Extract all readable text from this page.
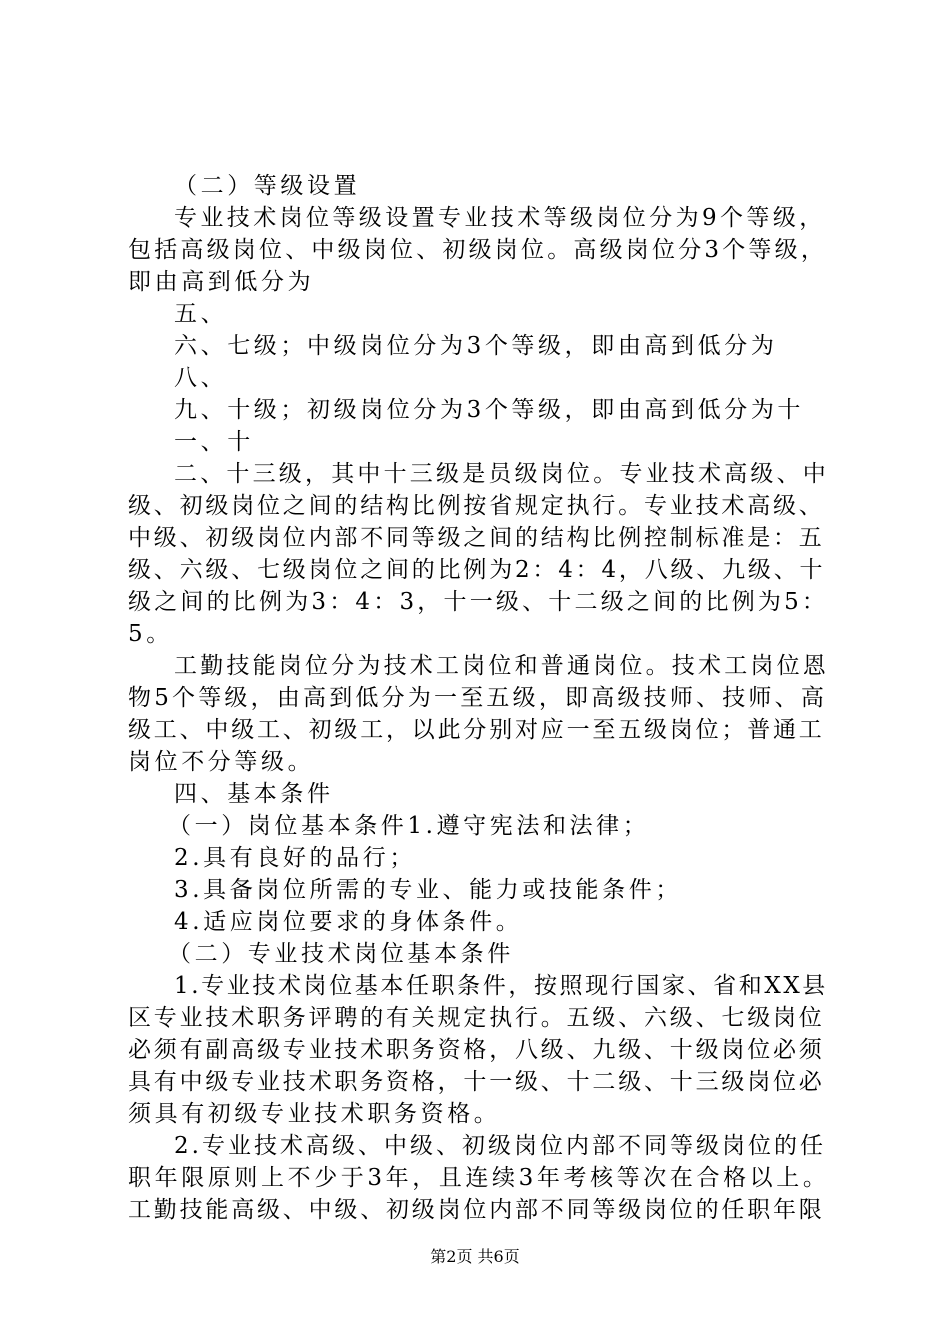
（二）等级设置
专业技术岗位等级设置专业技术等级岗位分为9个等级，
包括高级岗位、中级岗位、初级岗位。高级岗位分3个等级，
即由高到低分为
五、
六、七级；中级岗位分为3个等级，即由高到低分为
八、
九、十级；初级岗位分为3个等级，即由高到低分为十
一、十
二、十三级，其中十三级是员级岗位。专业技术高级、中
级、初级岗位之间的结构比例按省规定执行。专业技术高级、
中级、初级岗位内部不同等级之间的结构比例控制标准是：五
级、六级、七级岗位之间的比例为2：4：4，八级、九级、十
级之间的比例为3：4：3，十一级、十二级之间的比例为5：
5。
工勤技能岗位分为技术工岗位和普通岗位。技术工岗位恩
物5个等级，由高到低分为一至五级，即高级技师、技师、高
级工、中级工、初级工，以此分别对应一至五级岗位；普通工
岗位不分等级。
四、基本条件
（一）岗位基本条件1.遵守宪法和法律；
2.具有良好的品行；
3.具备岗位所需的专业、能力或技能条件；
4.适应岗位要求的身体条件。
（二）专业技术岗位基本条件
1.专业技术岗位基本任职条件，按照现行国家、省和XX县
区专业技术职务评聘的有关规定执行。五级、六级、七级岗位
必须有副高级专业技术职务资格，八级、九级、十级岗位必须
具有中级专业技术职务资格，十一级、十二级、十三级岗位必
须具有初级专业技术职务资格。
2.专业技术高级、中级、初级岗位内部不同等级岗位的任
职年限原则上不少于3年，且连续3年考核等次在合格以上。
工勤技能高级、中级、初级岗位内部不同等级岗位的任职年限
第2页 共6页
